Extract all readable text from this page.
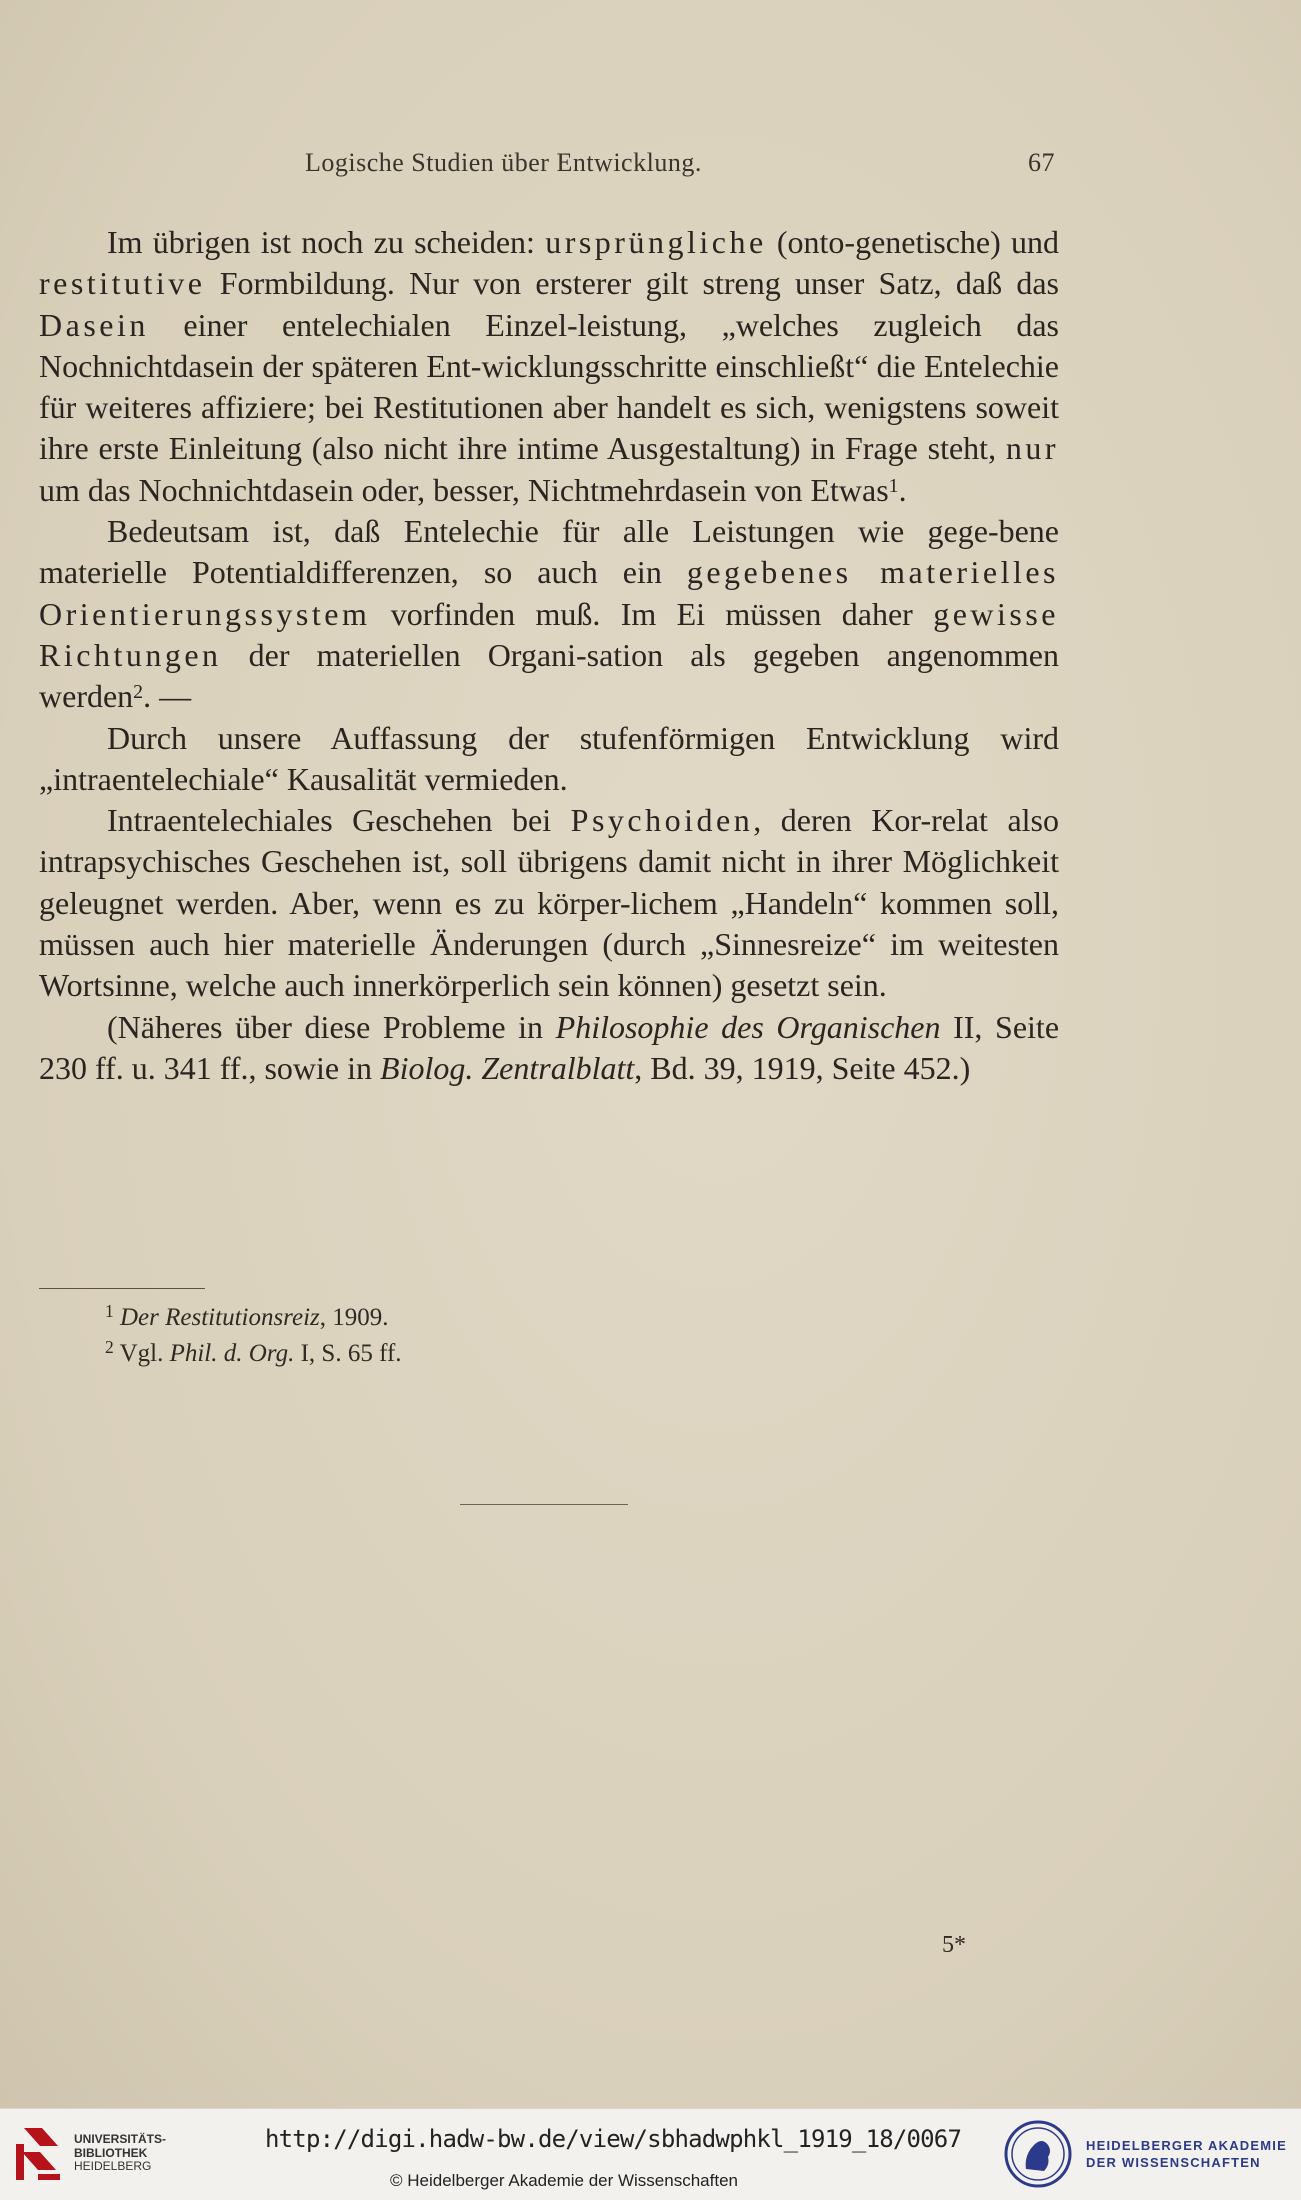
Logische Studien über Entwicklung.	67

Im übrigen ist noch zu scheiden: ursprüngliche (onto-genetische) und restitutive Formbildung. Nur von ersterer gilt streng unser Satz, daß das Dasein einer entelechialen Einzel-leistung, „welches zugleich das Nochnichtdasein der späteren Ent-wicklungsschritte einschließt“ die Entelechie für weiteres affiziere; bei Restitutionen aber handelt es sich, wenigstens soweit ihre erste Einleitung (also nicht ihre intime Ausgestaltung) in Frage steht, nur um das Nochnichtdasein oder, besser, Nichtmehrdasein von Etwas$^1$.

Bedeutsam ist, daß Entelechie für alle Leistungen wie gege-bene materielle Potentialdifferenzen, so auch ein gegebenes materielles Orientierungssystem vorfinden muß. Im Ei müssen daher gewisse Richtungen der materiellen Organi-sation als gegeben angenommen werden$^2$. —

Durch unsere Auffassung der stufenförmigen Entwicklung wird „intraentelechiale“ Kausalität vermieden.

Intraentelechiales Geschehen bei Psychoiden, deren Kor-relat also intrapsychisches Geschehen ist, soll übrigens damit nicht in ihrer Möglichkeit geleugnet werden. Aber, wenn es zu körper-lichem „Handeln“ kommen soll, müssen auch hier materielle Änderungen (durch „Sinnesreize“ im weitesten Wortsinne, welche auch innerkörperlich sein können) gesetzt sein.

(Näheres über diese Probleme in Philosophie des Organischen II, Seite 230 ff. u. 341 ff., sowie in Biolog. Zentralblatt, Bd. 39, 1919, Seite 452.)

$^1$ Der Restitutionsreiz, 1909.
$^2$ Vgl. Phil. d. Org. I, S. 65 ff.
5*
UNIVERSITÄTS-
BIBLIOTHEK
HEIDELBERG
http://digi.hadw-bw.de/view/sbhadwphkl_1919_18/0067
© Heidelberger Akademie der Wissenschaften
HEIDELBERGER AKADEMIE
DER WISSENSCHAFTEN
